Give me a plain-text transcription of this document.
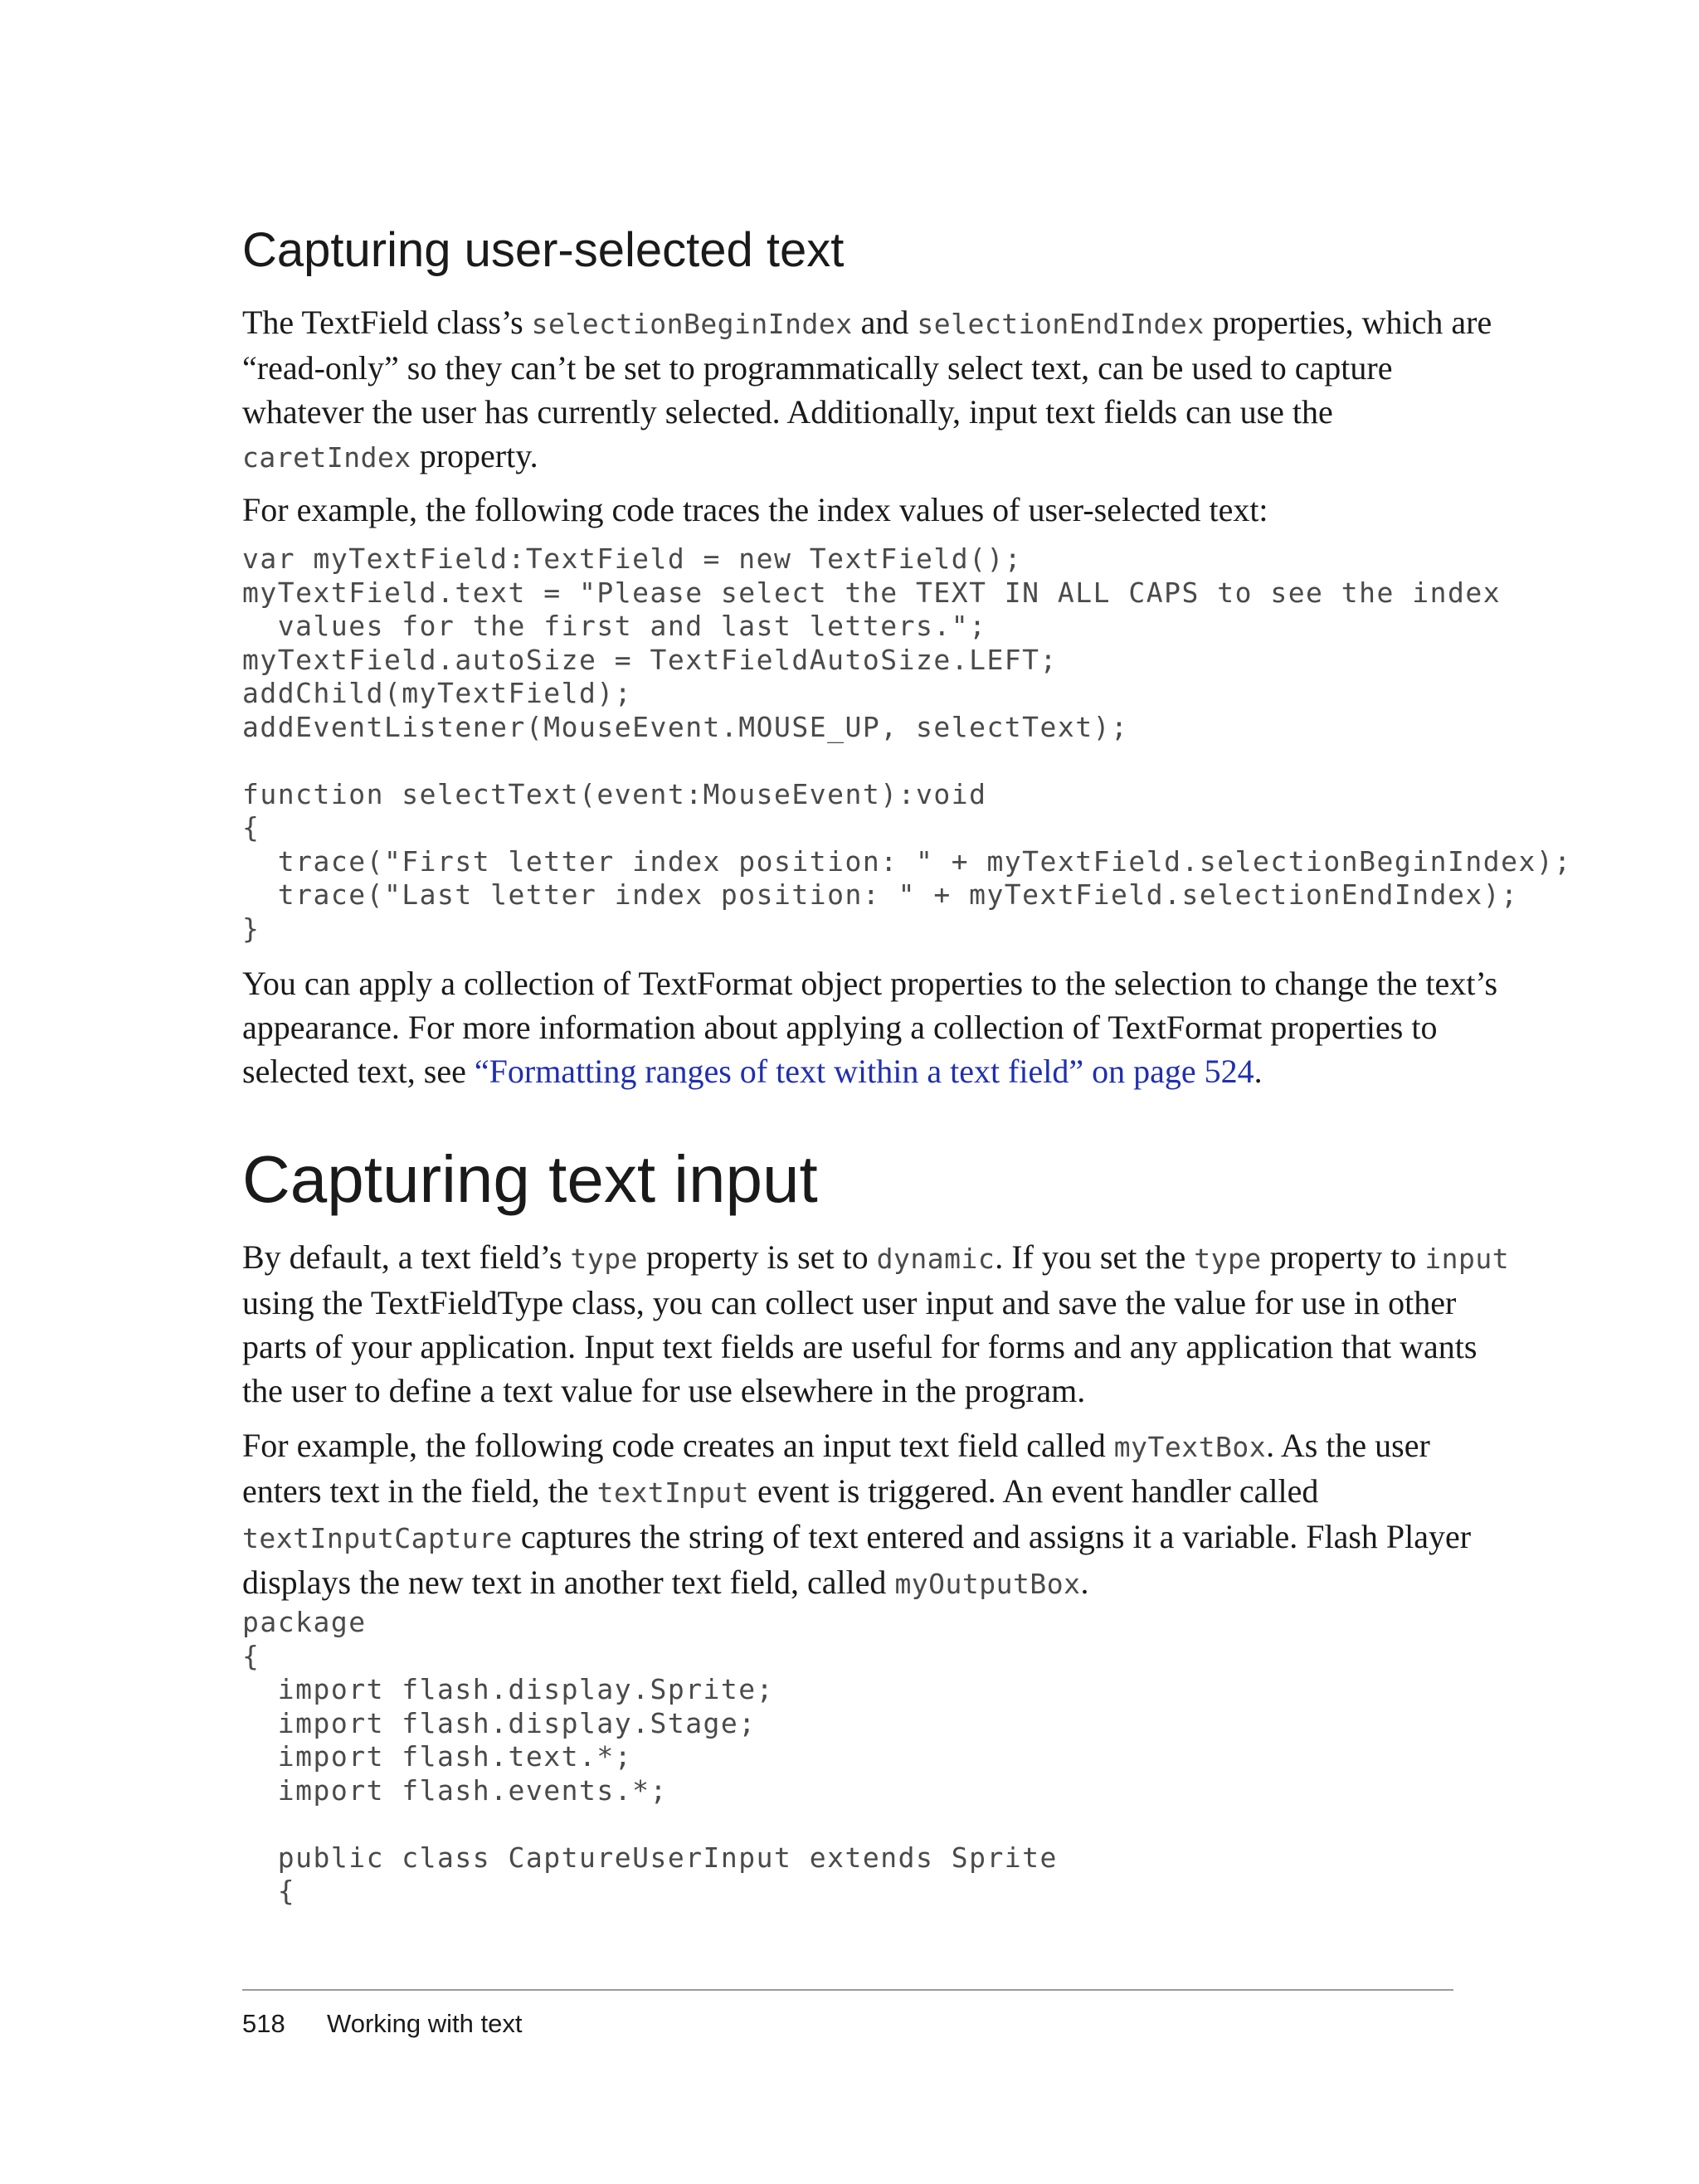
Capturing user-selected text

The TextField class’s selectionBeginIndex and selectionEndIndex properties, which are
“read-only” so they can’t be set to programmatically select text, can be used to capture
whatever the user has currently selected. Additionally, input text fields can use the
caretIndex property.

For example, the following code traces the index values of user-selected text:

var myTextField:TextField = new TextField();
myTextField.text = "Please select the TEXT IN ALL CAPS to see the index
values for the first and last letters.";
myTextField.autoSize = TextFieldAutoSize.LEFT;
addChild(myTextField);
addEventListener(MouseEvent.MOUSE_UP, selectText);

function selectText(event:MouseEvent):void
{
trace("First letter index position: " + myTextField.selectionBeginIndex);
trace("Last letter index position: " + myTextField.selectionEndIndex);
}

You can apply a collection of TextFormat object properties to the selection to change the text’s
appearance. For more information about applying a collection of TextFormat properties to
selected text, see “Formatting ranges of text within a text field” on page 524.

Capturing text input

By default, a text field’s type property is set to dynamic. If you set the type property to input
using the TextFieldType class, you can collect user input and save the value for use in other
parts of your application. Input text fields are useful for forms and any application that wants
the user to define a text value for use elsewhere in the program.

For example, the following code creates an input text field called myTextBox. As the user
enters text in the field, the textInput event is triggered. An event handler called
textInputCapture captures the string of text entered and assigns it a variable. Flash Player
displays the new text in another text field, called myOutputBox.

package
{
import flash.display.Sprite;
import flash.display.Stage;
import flash.text.*;
import flash.events.*;

public class CaptureUserInput extends Sprite
{
518 Working with text
